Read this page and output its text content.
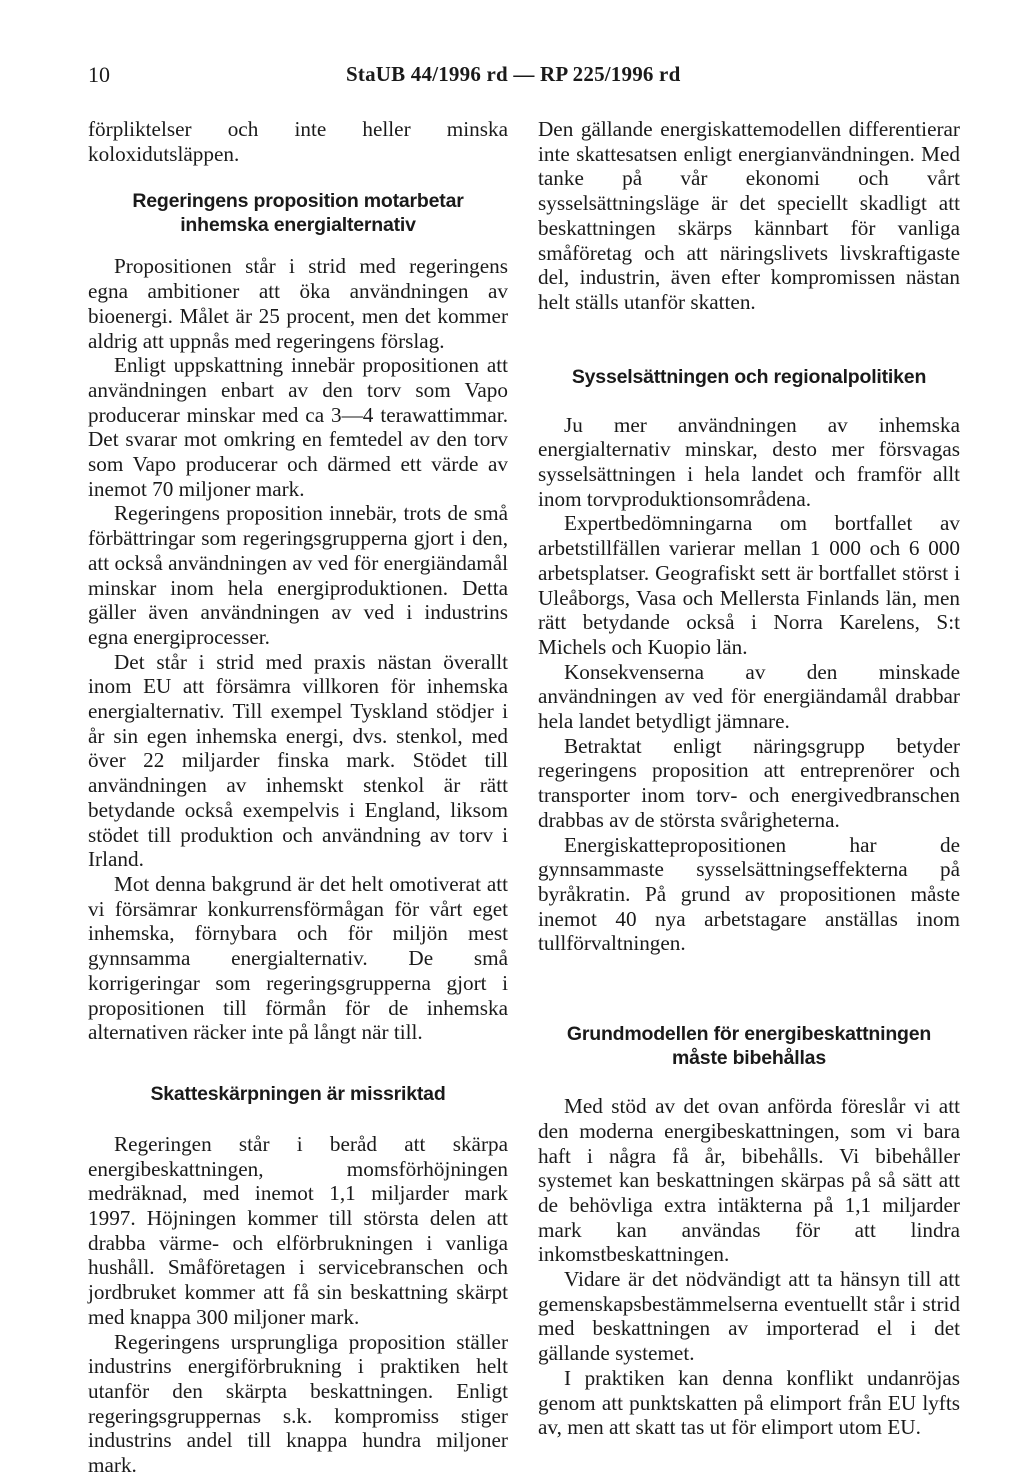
10	StaUB 44/1996 rd — RP 225/1996 rd

förpliktelser och inte heller minska koloxidutsläppen.

Regeringens proposition motarbetar inhemska energialternativ

Propositionen står i strid med regeringens egna ambitioner att öka användningen av bioenergi. Målet är 25 procent, men det kommer aldrig att uppnås med regeringens förslag.

Enligt uppskattning innebär propositionen att användningen enbart av den torv som Vapo producerar minskar med ca 3—4 terawattimmar. Det svarar mot omkring en femtedel av den torv som Vapo producerar och därmed ett värde av inemot 70 miljoner mark.

Regeringens proposition innebär, trots de små förbättringar som regeringsgrupperna gjort i den, att också användningen av ved för energiändamål minskar inom hela energiproduktionen. Detta gäller även användningen av ved i industrins egna energiprocesser.

Det står i strid med praxis nästan överallt inom EU att försämra villkoren för inhemska energialternativ. Till exempel Tyskland stödjer i år sin egen inhemska energi, dvs. stenkol, med över 22 miljarder finska mark. Stödet till användningen av inhemskt stenkol är rätt betydande också exempelvis i England, liksom stödet till produktion och användning av torv i Irland.

Mot denna bakgrund är det helt omotiverat att vi försämrar konkurrensförmågan för vårt eget inhemska, förnybara och för miljön mest gynnsamma energialternativ. De små korrigeringar som regeringsgrupperna gjort i propositionen till förmån för de inhemska alternativen räcker inte på långt när till.

Skatteskärpningen är missriktad

Regeringen står i beråd att skärpa energibeskattningen, momsförhöjningen medräknad, med inemot 1,1 miljarder mark 1997. Höjningen kommer till största delen att drabba värme- och elförbrukningen i vanliga hushåll. Småföretagen i servicebranschen och jordbruket kommer att få sin beskattning skärpt med knappa 300 miljoner mark.

Regeringens ursprungliga proposition ställer industrins energiförbrukning i praktiken helt utanför den skärpta beskattningen. Enligt regeringsgruppernas s.k. kompromiss stiger industrins andel till knappa hundra miljoner mark.

Den gällande energiskattemodellen differentierar inte skattesatsen enligt energianvändningen. Med tanke på vår ekonomi och vårt sysselsättningsläge är det speciellt skadligt att beskattningen skärps kännbart för vanliga småföretag och att näringslivets livskraftigaste del, industrin, även efter kompromissen nästan helt ställs utanför skatten.

Sysselsättningen och regionalpolitiken

Ju mer användningen av inhemska energialternativ minskar, desto mer försvagas sysselsättningen i hela landet och framför allt inom torvproduktionsområdena.

Expertbedömningarna om bortfallet av arbetstillfällen varierar mellan 1 000 och 6 000 arbetsplatser. Geografiskt sett är bortfallet störst i Uleåborgs, Vasa och Mellersta Finlands län, men rätt betydande också i Norra Karelens, S:t Michels och Kuopio län.

Konsekvenserna av den minskade användningen av ved för energiändamål drabbar hela landet betydligt jämnare.

Betraktat enligt näringsgrupp betyder regeringens proposition att entreprenörer och transporter inom torv- och energivedbranschen drabbas av de största svårigheterna.

Energiskattepropositionen har de gynnsammaste sysselsättningseffekterna på byråkratin. På grund av propositionen måste inemot 40 nya arbetstagare anställas inom tullförvaltningen.

Grundmodellen för energibeskattningen måste bibehållas

Med stöd av det ovan anförda föreslår vi att den moderna energibeskattningen, som vi bara haft i några få år, bibehålls. Vi bibehåller systemet kan beskattningen skärpas på så sätt att de behövliga extra intäkterna på 1,1 miljarder mark kan användas för att lindra inkomstbeskattningen.

Vidare är det nödvändigt att ta hänsyn till att gemenskapsbestämmelserna eventuellt står i strid med beskattningen av importerad el i det gällande systemet.

I praktiken kan denna konflikt undanröjas genom att punktskatten på elimport från EU lyfts av, men att skatt tas ut för elimport utom EU.
